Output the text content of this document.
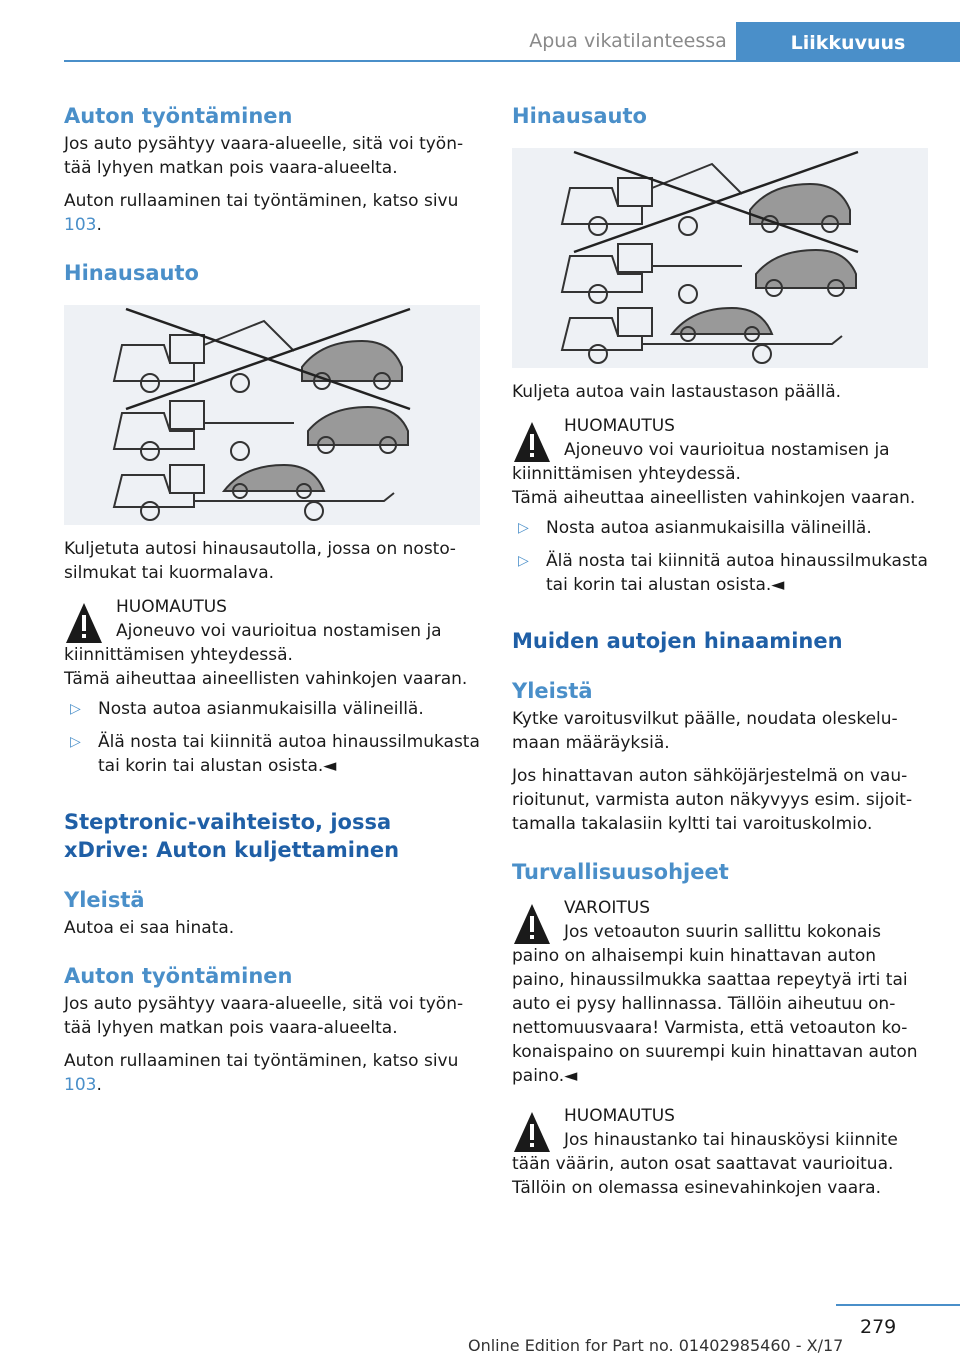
Apua vikatilanteessa	Liikkuvuus
Auton työntäminen

Jos auto pysähtyy vaara-alueelle, sitä voi työntää lyhyen matkan pois vaara-alueelta.

Auton rullaaminen tai työntäminen, katso sivu 103.

Hinausauto

Kuljetuta autosi hinausautolla, jossa on nostosilmukat tai kuormalava.

HUOMAUTUS
Ajoneuvo voi vaurioitua nostamisen ja
kiinnittämisen yhteydessä.

Tämä aiheuttaa aineellisten vahinkojen vaaran.

▷ Nosta autoa asianmukaisilla välineillä.
▷ Älä nosta tai kiinnitä autoa hinaussilmukasta tai korin tai alustan osista.◄
Steptronic-vaihteisto, jossa xDrive: Auton kuljettaminen
Yleistä

Autoa ei saa hinata.

Auton työntäminen

Jos auto pysähtyy vaara-alueelle, sitä voi työntää lyhyen matkan pois vaara-alueelta.

Auton rullaaminen tai työntäminen, katso sivu 103.

Hinausauto

Kuljeta autoa vain lastaustason päällä.

HUOMAUTUS
Ajoneuvo voi vaurioitua nostamisen ja
kiinnittämisen yhteydessä.

Tämä aiheuttaa aineellisten vahinkojen vaaran.

▷ Nosta autoa asianmukaisilla välineillä.
▷ Älä nosta tai kiinnitä autoa hinaussilmukasta tai korin tai alustan osista.◄
Muiden autojen hinaaminen
Yleistä

Kytke varoitusvilkut päälle, noudata oleskelumaan määräyksiä.

Jos hinattavan auton sähköjärjestelmä on vaurioitunut, varmista auton näkyvyys esim. sijoittamalla takalasiin kyltti tai varoituskolmio.

Turvallisuusohjeet
VAROITUS
Jos vetoauton suurin sallittu kokonais
paino on alhaisempi kuin hinattavan auton paino, hinaussilmukka saattaa repeytyä irti tai auto ei pysy hallinnassa. Tällöin aiheutuu onnettomuusvaara! Varmista, että vetoauton kokonaispaino on suurempi kuin hinattavan auton paino.◄
HUOMAUTUS
Jos hinaustanko tai hinausköysi kiinnite
tään väärin, auton osat saattavat vaurioitua. Tällöin on olemassa esinevahinkojen vaara.
279
Online Edition for Part no. 01402985460 - X/17
